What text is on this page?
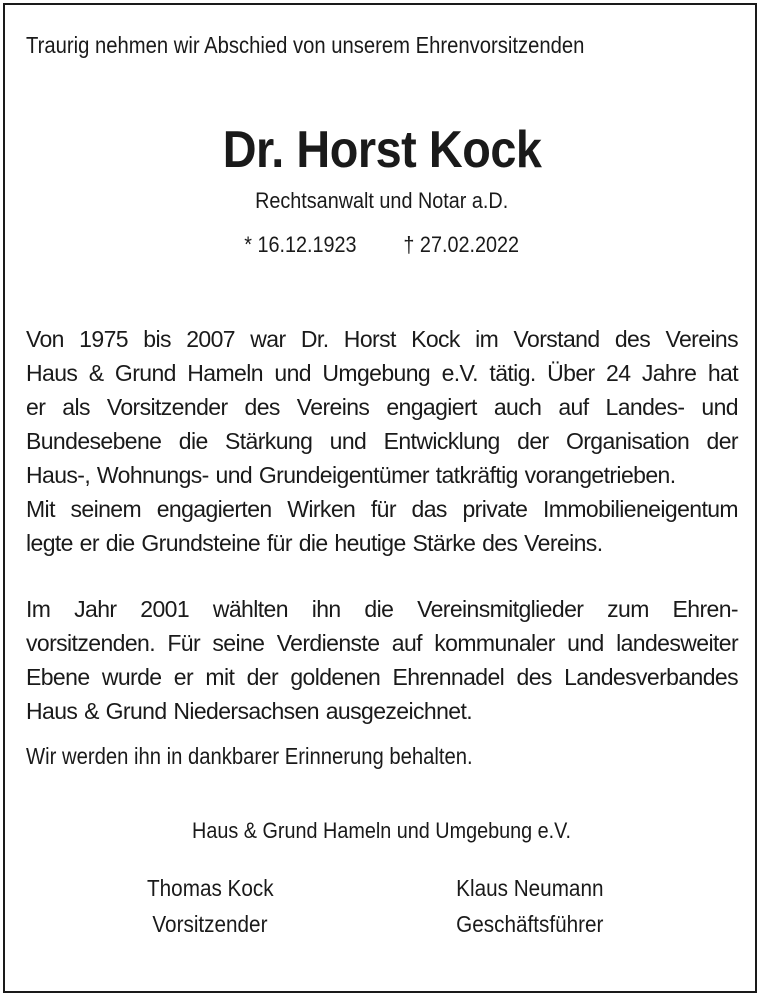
Traurig nehmen wir Abschied von unserem Ehrenvorsitzenden
Dr. Horst Kock
Rechtsanwalt und Notar a.D.
* 16.12.1923 † 27.02.2022
Von 1975 bis 2007 war Dr. Horst Kock im Vorstand des Vereins
Haus & Grund Hameln und Umgebung e.V. tätig. Über 24 Jahre hat
er als Vorsitzender des Vereins engagiert auch auf Landes- und
Bundesebene die Stärkung und Entwicklung der Organisation der
Haus-, Wohnungs- und Grundeigentümer tatkräftig vorangetrieben.
Mit seinem engagierten Wirken für das private Immobilieneigentum
legte er die Grundsteine für die heutige Stärke des Vereins.
Im Jahr 2001 wählten ihn die Vereinsmitglieder zum Ehren-
vorsitzenden. Für seine Verdienste auf kommunaler und landesweiter
Ebene wurde er mit der goldenen Ehrennadel des Landesverbandes
Haus & Grund Niedersachsen ausgezeichnet.
Wir werden ihn in dankbarer Erinnerung behalten.
Haus & Grund Hameln und Umgebung e.V.
Thomas Kock
Vorsitzender
Klaus Neumann
Geschäftsführer
